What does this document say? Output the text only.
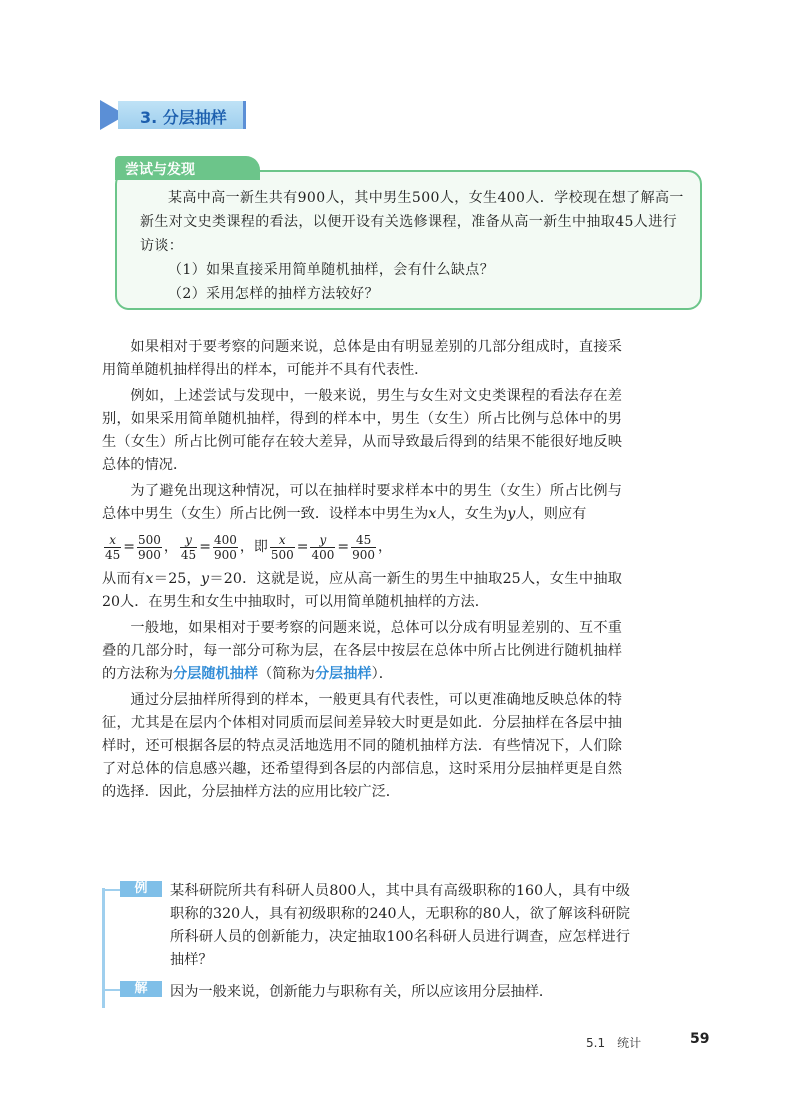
3. 分层抽样
尝试与发现

某高中高一新生共有900人，其中男生500人，女生400人．学校现在想了解高一新生对文史类课程的看法，以便开设有关选修课程，准备从高一新生中抽取45人进行访谈：

（1）如果直接采用简单随机抽样，会有什么缺点？

（2）采用怎样的抽样方法较好？

如果相对于要考察的问题来说，总体是由有明显差别的几部分组成时，直接采用简单随机抽样得出的样本，可能并不具有代表性．

例如，上述尝试与发现中，一般来说，男生与女生对文史类课程的看法存在差别，如果采用简单随机抽样，得到的样本中，男生（女生）所占比例与总体中的男生（女生）所占比例可能存在较大差异，从而导致最后得到的结果不能很好地反映总体的情况．

为了避免出现这种情况，可以在抽样时要求样本中的男生（女生）所占比例与总体中男生（女生）所占比例一致．设样本中男生为x人，女生为y人，则应有

$\frac{x}{45} = \frac{500}{900}$ ， $\frac{y}{45} = \frac{400}{900}$ ，即 $\frac{x}{500} = \frac{y}{400} = \frac{45}{900}$ ，

从而有x＝25，y＝20．这就是说，应从高一新生的男生中抽取25人，女生中抽取20人．在男生和女生中抽取时，可以用简单随机抽样的方法．

一般地，如果相对于要考察的问题来说，总体可以分成有明显差别的、互不重叠的几部分时，每一部分可称为层，在各层中按层在总体中所占比例进行随机抽样的方法称为分层随机抽样（简称为分层抽样）．

通过分层抽样所得到的样本，一般更具有代表性，可以更准确地反映总体的特征，尤其是在层内个体相对同质而层间差异较大时更是如此．分层抽样在各层中抽样时，还可根据各层的特点灵活地选用不同的随机抽样方法．有些情况下，人们除了对总体的信息感兴趣，还希望得到各层的内部信息，这时采用分层抽样更是自然的选择．因此，分层抽样方法的应用比较广泛．

例	某科研院所共有科研人员800人，其中具有高级职称的160人，具有中级职称的320人，具有初级职称的240人，无职称的80人，欲了解该科研院所科研人员的创新能力，决定抽取100名科研人员进行调查，应怎样进行抽样？

解	因为一般来说，创新能力与职称有关，所以应该用分层抽样．
5.1　统计	59
